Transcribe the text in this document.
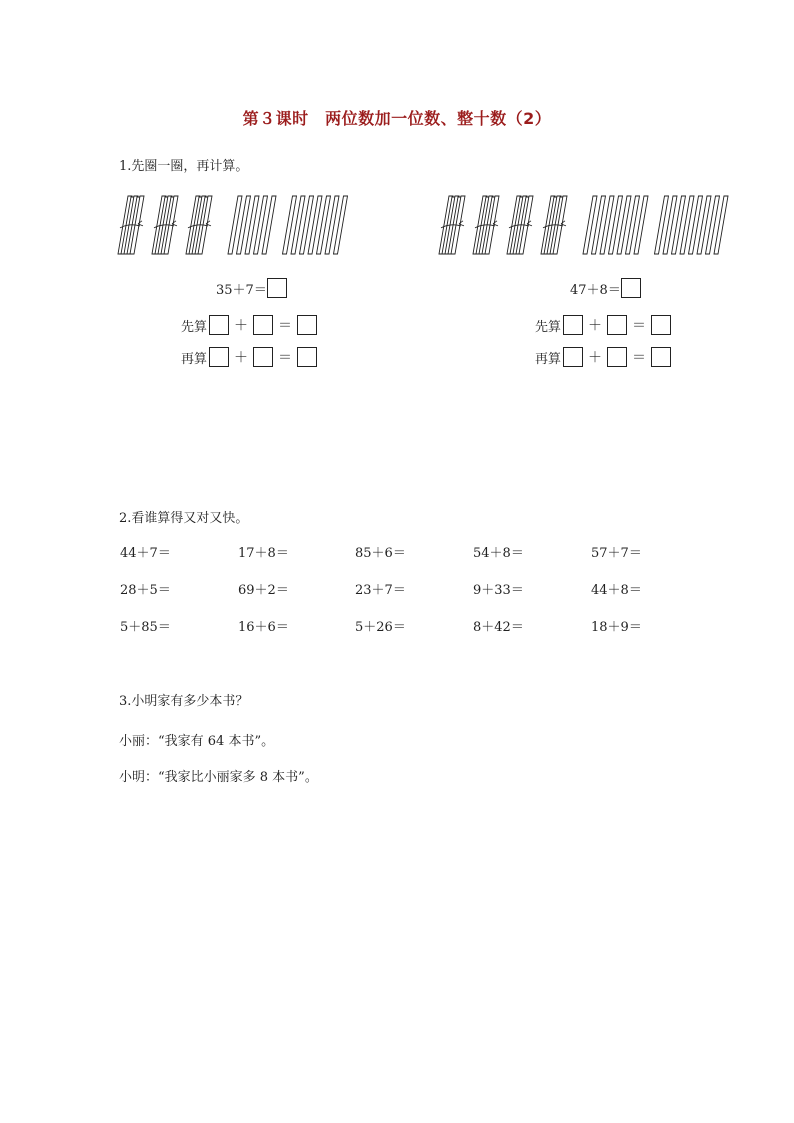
第３课时　两位数加一位数、整十数（2）
1.先圈一圈，再计算。
35＋7＝
先算	＋	＝
再算	＋	＝
47＋8＝
先算	＋	＝
再算	＋	＝
2.看谁算得又对又快。
44＋7＝	17＋8＝	85＋6＝	54＋8＝	57＋7＝
28＋5＝	69＋2＝	23＋7＝	9＋33＝	44＋8＝
5＋85＝	16＋6＝	5＋26＝	8＋42＝	18＋9＝
3.小明家有多少本书？
小丽：“我家有 64 本书”。
小明：“我家比小丽家多 8 本书”。
